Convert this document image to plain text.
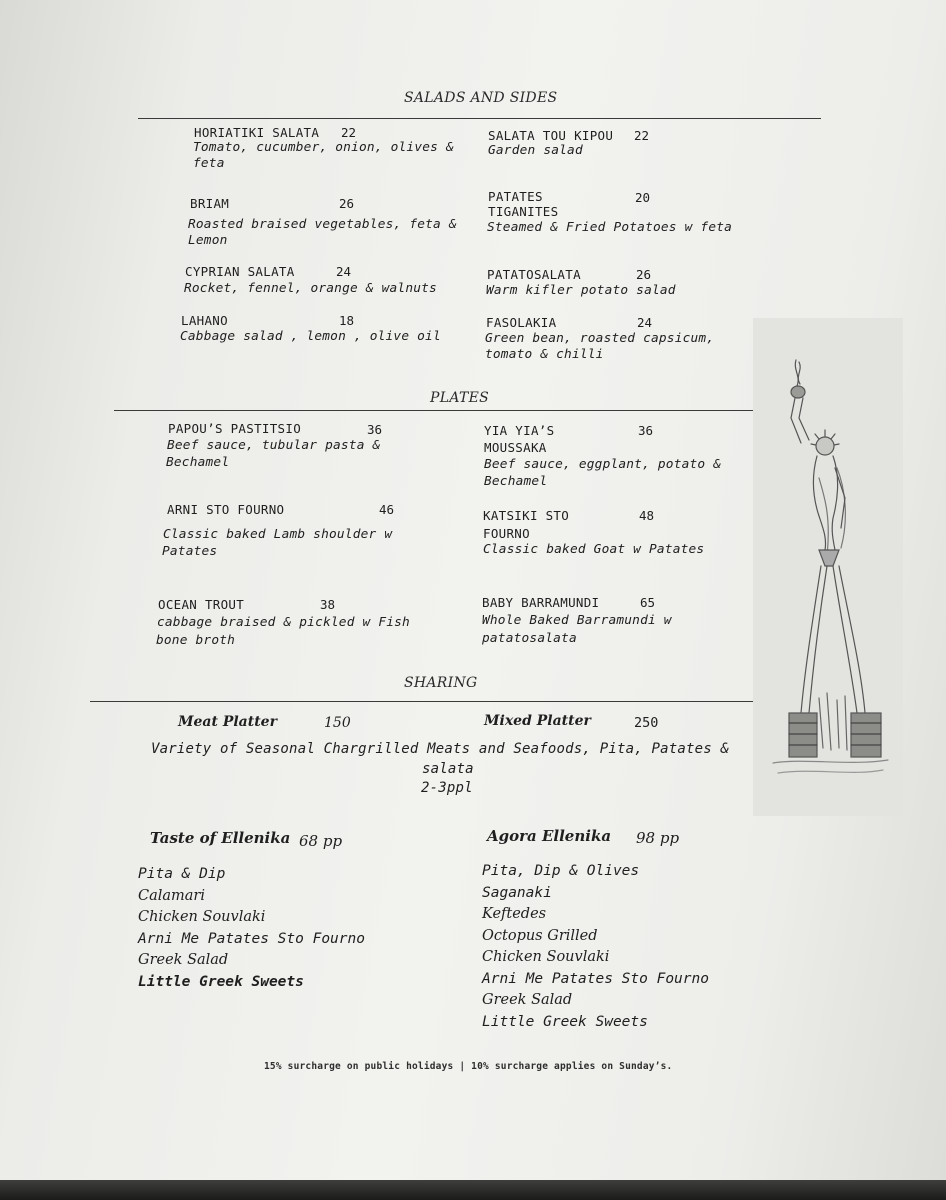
SALADS AND SIDES
HORIATIKI SALATA 22
Tomato, cucumber, onion, olives &
feta
SALATA TOU KIPOU 22
Garden salad
BRIAM	26
Roasted braised vegetables, feta &
Lemon
PATATES
TIGANITES
20
Steamed & Fried Potatoes w feta
CYPRIAN SALATA	24
Rocket, fennel, orange & walnuts
PATATOSALATA	26
Warm kifler potato salad
LAHANO	18
Cabbage salad , lemon , olive oil
FASOLAKIA	24
Green bean, roasted capsicum,
tomato & chilli
PLATES
PAPOU’S PASTITSIO	36
Beef sauce, tubular pasta &
Bechamel
YIA YIA’S
MOUSSAKA
36
Beef sauce, eggplant, potato &
Bechamel
ARNI STO FOURNO	46
Classic baked Lamb shoulder w
Patates
KATSIKI STO
FOURNO
48
Classic baked Goat w Patates
OCEAN TROUT	38
cabbage braised & pickled w Fish
bone broth
BABY BARRAMUNDI	65
Whole Baked Barramundi w
patatosalata
SHARING
Meat Platter	150	Mixed Platter	250
Variety of Seasonal Chargrilled Meats and Seafoods, Pita, Patates &
salata
2-3ppl
Taste of Ellenika 68 pp
Pita & Dip
Calamari
Chicken Souvlaki
Arni Me Patates Sto Fourno
Greek Salad
Little Greek Sweets
Agora Ellenika 98 pp
Pita, Dip & Olives
Saganaki
Keftedes
Octopus Grilled
Chicken Souvlaki
Arni Me Patates Sto Fourno
Greek Salad
Little Greek Sweets
15% surcharge on public holidays | 10% surcharge applies on Sunday’s.
